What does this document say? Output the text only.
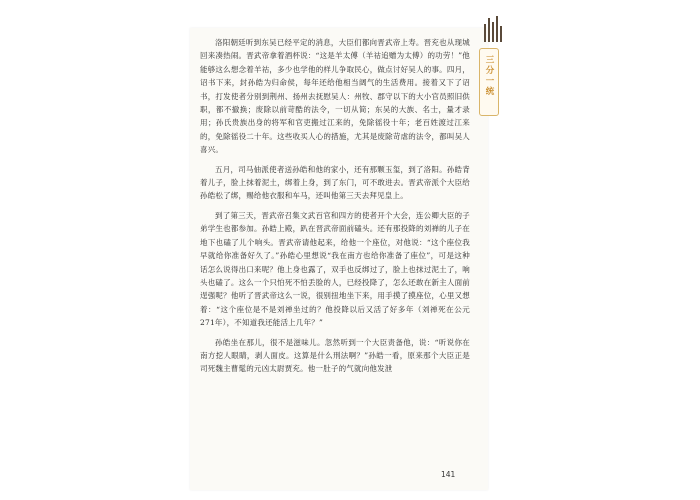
三分一统

洛阳朝廷听到东吴已经平定的消息，大臣们都向晋武帝上寿。晋充也从现城回来凑热闹。晋武帝拿着酒杯说：“这是羊太傅（羊祜追赠为太傅）的功劳！”他能够这么想念着羊祜，多少也学他的样儿争取民心，做点讨好吴人的事。四月，诏书下来，封孙皓为归命侯，每年还给他相当阔气的生活费用。接着又下了诏书，打发使者分别到荆州、扬州去抚慰吴人：州牧、郡守以下的大小官员照旧供职，都不撤换；废除以前苛酷的法令，一切从简；东吴的大族、名士，量才录用；孙氏贵族出身的将军和官吏搬过江来的，免除徭役十年；老百姓渡过江来的，免除徭役二十年。这些收买人心的措施，尤其是废除苛虐的法令，都叫吴人喜兴。

五月，司马伷派使者送孙皓和他的家小，还有那颗玉玺，到了洛阳。孙皓背着儿子，脸上抹着泥土，绑着上身，到了东门，可不敢进去。晋武帝派个大臣给孙皓松了绑，赐给他衣服和车马，还叫他第三天去拜见皇上。

到了第三天，晋武帝召集文武百官和四方的使者开个大会，连公卿大臣的子弟学生也都参加。孙皓上殿，趴在晋武帝面前磕头。还有那投降的刘禅的儿子在地下也磕了儿个响头。晋武帝请他起来，给他一个座位，对他说：“这个座位我早就给你准备好久了。”孙皓心里想说“我在南方也给你准备了座位”，可是这种话怎么说得出口来呢？他上身也露了，双手也反绑过了，脸上也抹过泥土了，响头也磕了。这么一个只怕死不怕丢脸的人，已经投降了，怎么还敢在新主人面前逞强呢？他听了晋武帝这么一说，很别扭地坐下来，用手摸了摸座位，心里又想着：“这个座位是不是刘禅坐过的？他投降以后又活了好多年（刘禅死在公元271年），不知道我还能活上几年？”

孙皓坐在那儿，很不是滋味儿。忽然听到一个大臣责备他，说：“听说你在南方挖人眼睛，剥人面皮。这算是什么刑法啊？”孙皓一看，原来那个大臣正是司死魏主曹髦的元凶太尉贾充。他一肚子的气就向他发泄

141
